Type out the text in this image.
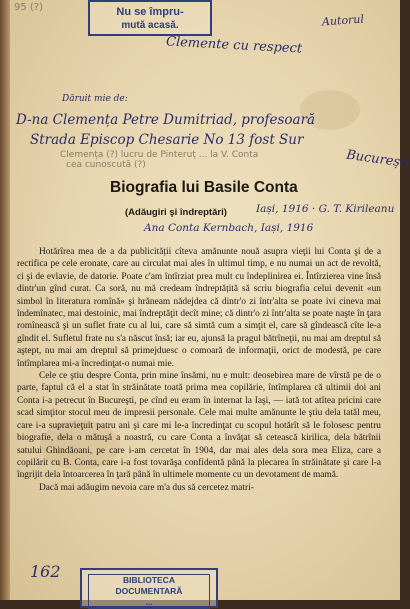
95 (?)	Nu se împru-
mută acasă.
Clemente cu respect
Autorul
Dăruit mie de:
D-na Clemența Petre Dumitriad, profesoară
Strada Episcop Chesarie No 13 fost Sur
Clemența (?) lucru de Pinteruț ... la V. Conta
cea cunoscută (?)	București
Biografia lui Basile Conta
Iași, 1916 · G. T. Kirileanu
(Adăugiri şi îndreptări)
Ana Conta Kernbach, Iași, 1916

Hotărîrea mea de a da publicității cîteva amănunte nouă asupra vieţii lui Conta şi de a rectifica pe cele eronate, care au circulat mai ales în ultimul timp, e nu numai un act de revoltă, ci şi de evlavie, de datorie. Poate c'am întîrziat prea mult cu îndeplinirea ei. Întîrzierea vine însă dintr'un gînd curat. Ca soră, nu mă credeam îndreptățită să scriu biografia celui devenit «un simbol în literatura romînă» şi hrăneam nădejdea că dintr'o zi într'alta se poate ivi cineva mai îndemînatec, mai destoinic, mai îndreptăţit decît mine; că dintr'o zi într'alta se poate naşte în ţara romînească şi un suflet frate cu al lui, care să simtă cum a simţit el, care să gîndească cîte le-a gîndit el. Sufletul frate nu s'a născut însă; iar eu, ajunsă la pragul bătrîneţii, nu mai am dreptul să aştept, nu mai am dreptul să primejduesc o comoară de informaţii, orict de modestă, pe care întîmplarea mi-a încredinţat-o numai mie.

Cele ce ştiu despre Conta, prin mine însămi, nu e mult: deosebirea mare de vîrstă pe de o parte, faptul că el a stat în străinătate toată prima mea copilărie, întîmplarea că ultimii doi ani Conta i-a petrecut în Bucureşti, pe cînd eu eram în internat la Iaşi, — iată tot atîtea pricini care scad simţitor stocul meu de impresii personale. Cele mai multe amănunte le ştiu dela tatăl meu, care i-a supravieţuit patru ani şi care mi le-a încredinţat cu scopul hotărît să le folosesc pentru biografie, dela o mătuşă a noastră, cu care Conta a învăţat să cetească kirilica, dela bătrînii satului Ghindăoani, pe care i-am cercetat în 1904, dar mai ales dela sora mea Eliza, care a copilărit cu B. Conta, care i-a fost tovarăşa confidentă până la plecarea în străinătate şi care l-a îngrijit dela întoarcerea în ţară până în ultimele momente cu un devotament de mamă.

Dacă mai adăugim nevoia care m'a dus să cercetez matri-

162	BIBLIOTECA
DOCUMENTARĂ
...
